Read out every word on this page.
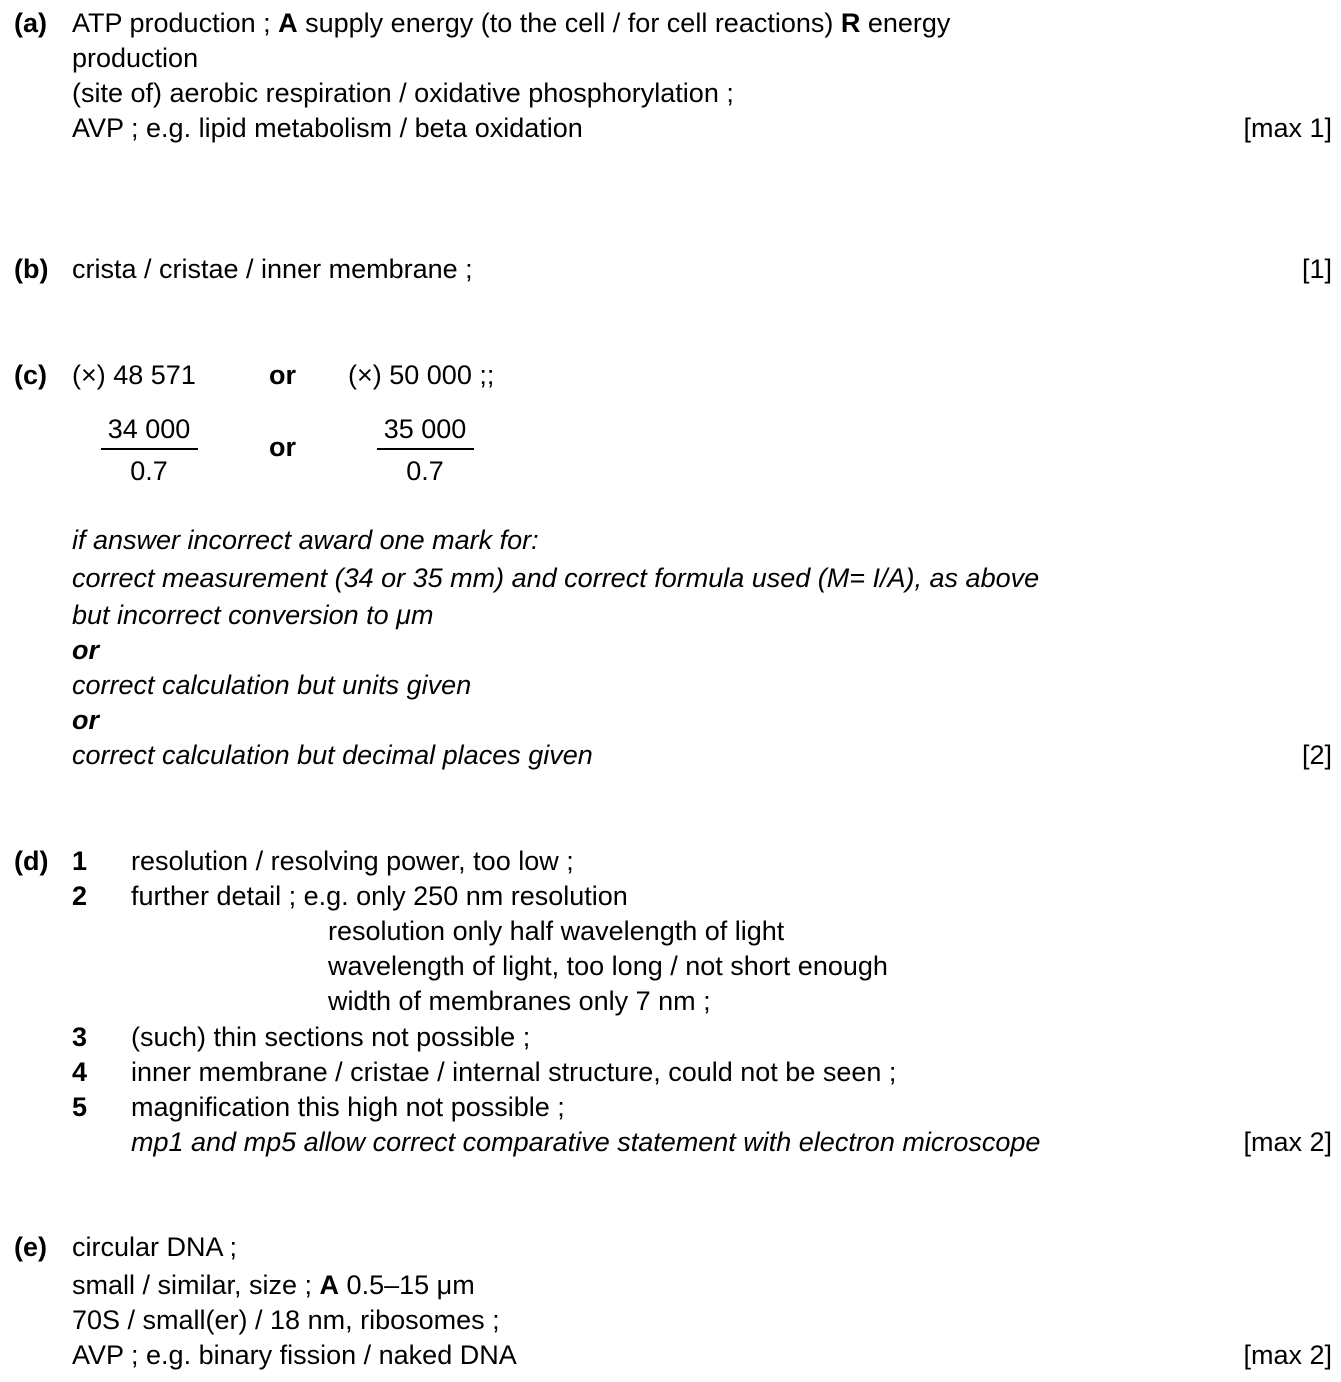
(a) ATP production ; A supply energy (to the cell / for cell reactions) R energy
production
(site of) aerobic respiration / oxidative phosphorylation ;
AVP ; e.g. lipid metabolism / beta oxidation	[max 1]
(b) crista / cristae / inner membrane ;	[1]
(c) (×) 48 571	or (×) 50 000 ;;
34 000
0.7
or
35 000
0.7
if answer incorrect award one mark for:
correct measurement (34 or 35 mm) and correct formula used (M= I/A), as above
but incorrect conversion to μm
or
correct calculation but units given
or
correct calculation but decimal places given	[2]
(d) 1 resolution / resolving power, too low ;
2 further detail ; e.g. only 250 nm resolution
resolution only half wavelength of light
wavelength of light, too long / not short enough
width of membranes only 7 nm ;
3 (such) thin sections not possible ;
4 inner membrane / cristae / internal structure, could not be seen ;
5 magnification this high not possible ;
mp1 and mp5 allow correct comparative statement with electron microscope	[max 2]
(e) circular DNA ;
small / similar, size ; A 0.5–15 μm
70S / small(er) / 18 nm, ribosomes ;
AVP ; e.g. binary fission / naked DNA	[max 2]
